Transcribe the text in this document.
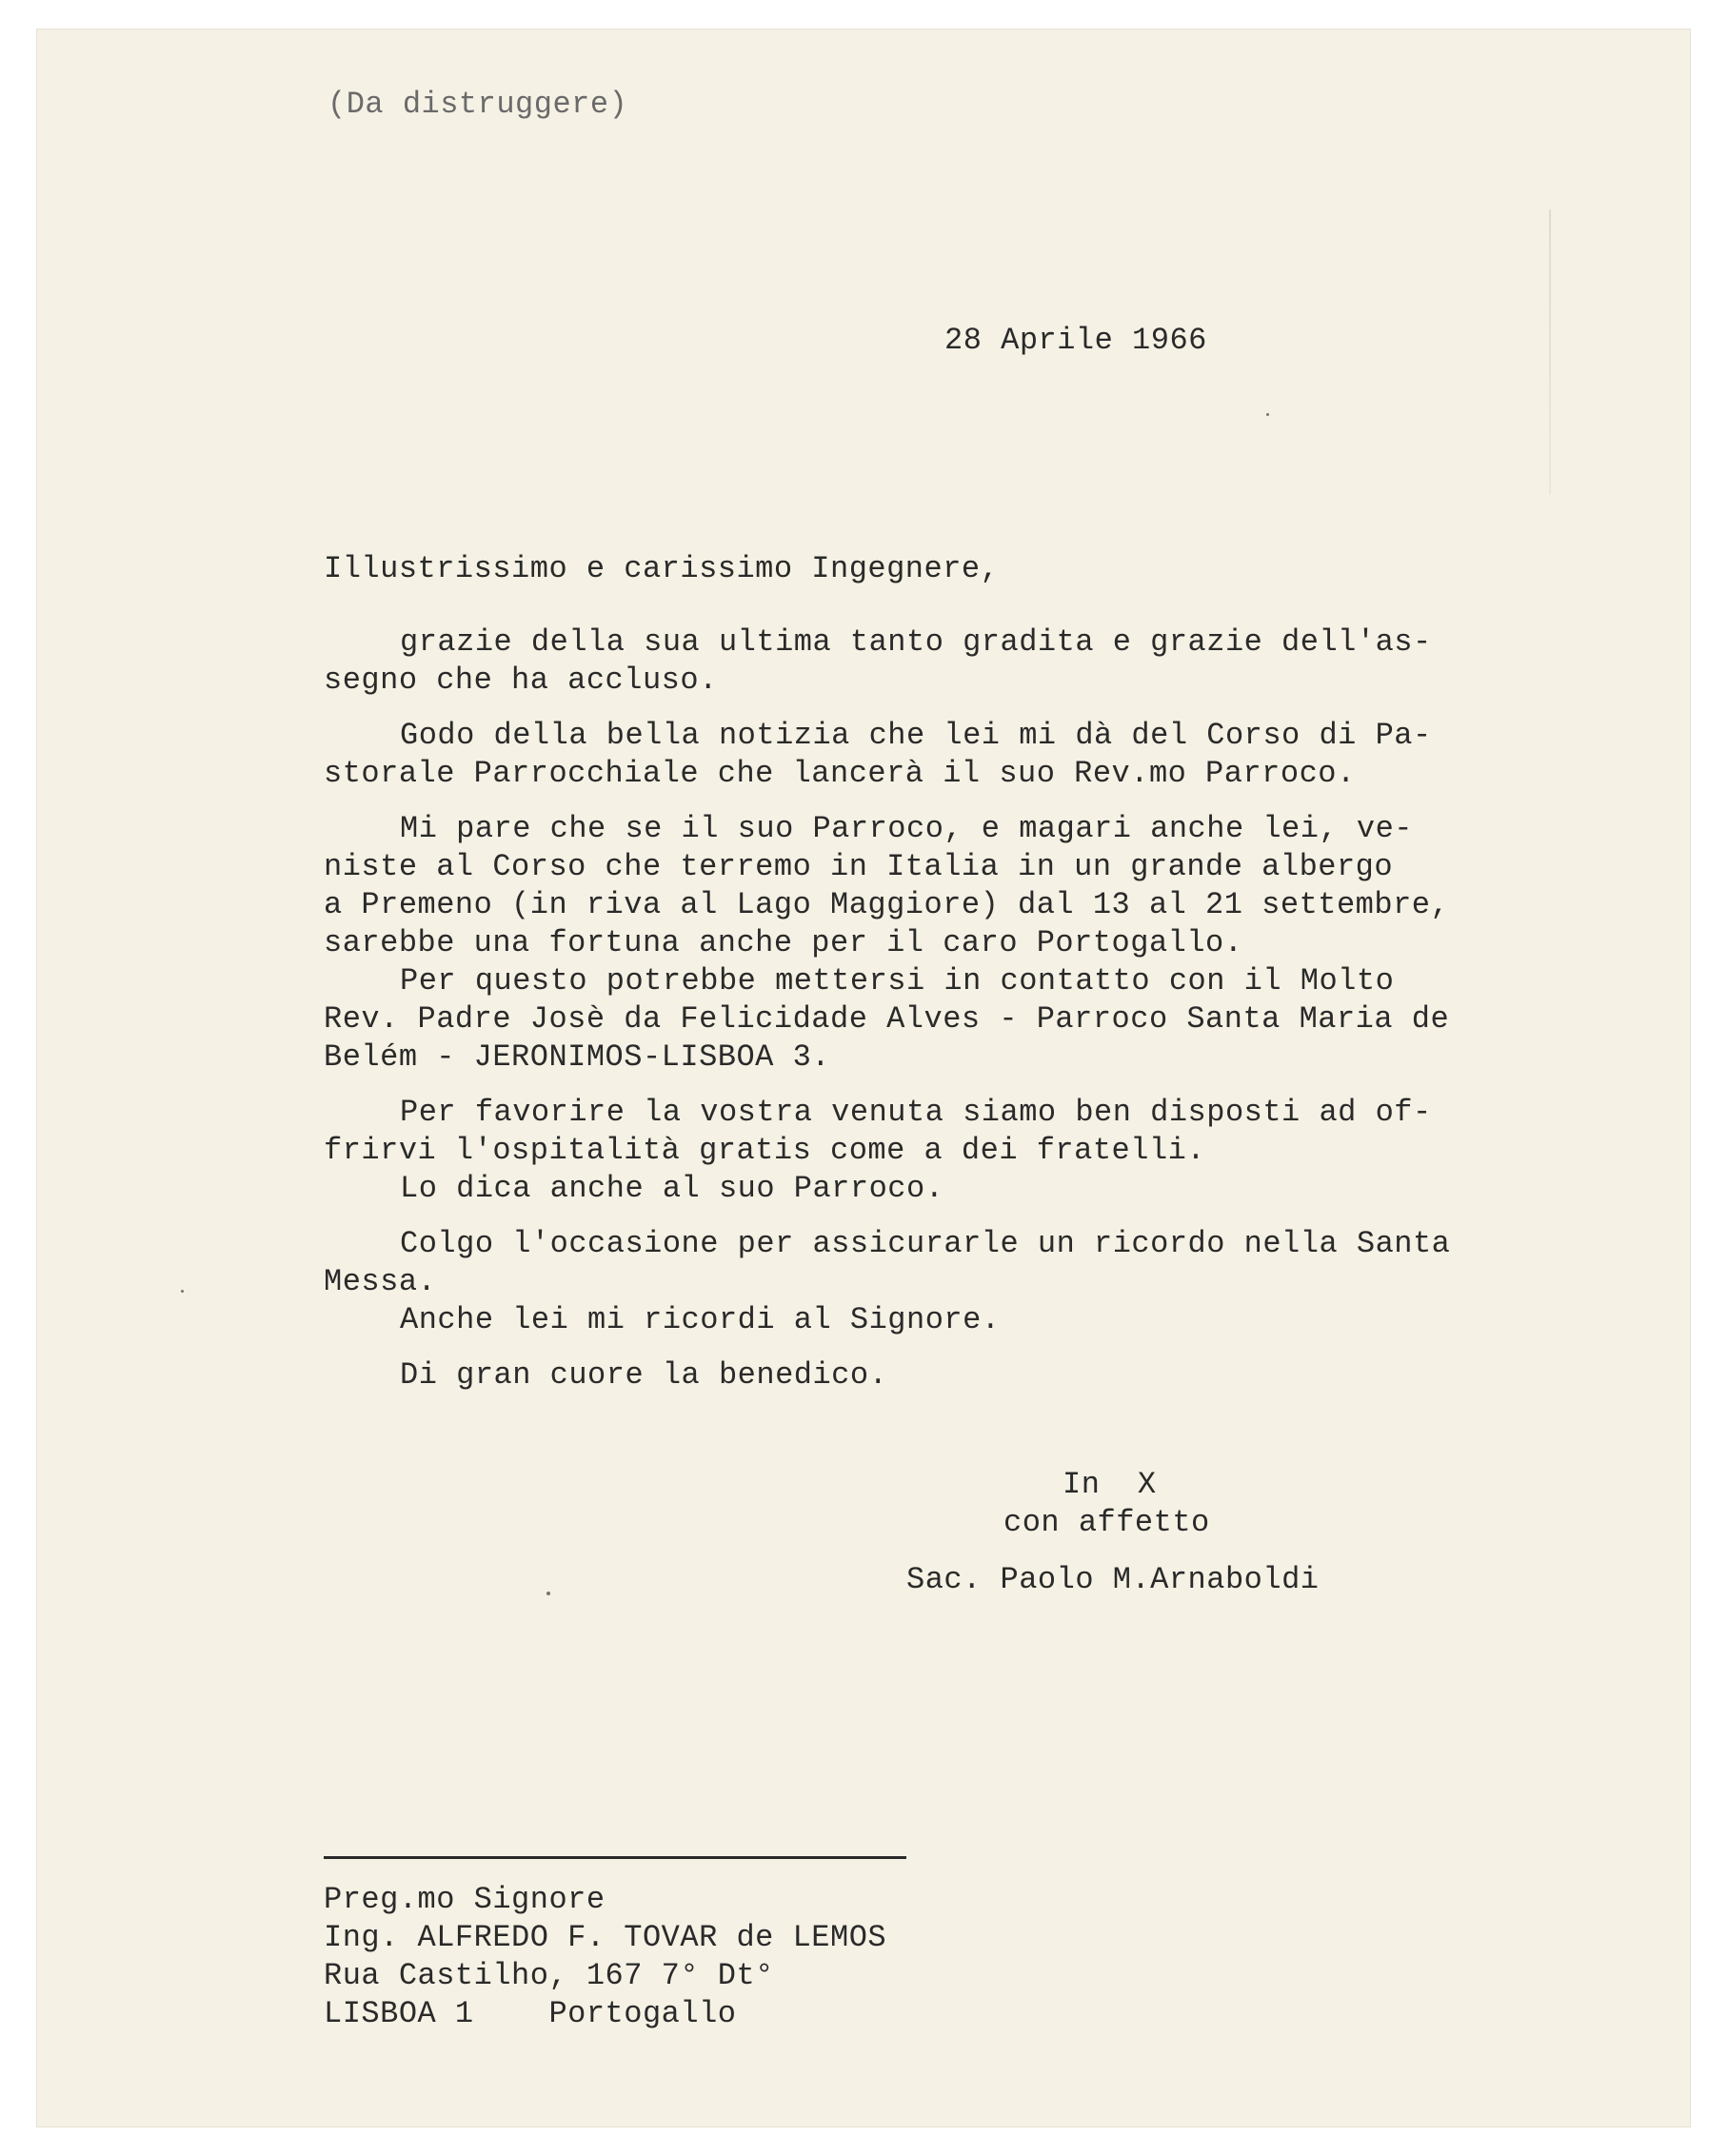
(Da distruggere)
28 Aprile 1966
Illustrissimo e carissimo Ingegnere,
grazie della sua ultima tanto gradita e grazie dell'as-
segno che ha accluso.
Godo della bella notizia che lei mi dà del Corso di Pa-
storale Parrocchiale che lancerà il suo Rev.mo Parroco.
Mi pare che se il suo Parroco, e magari anche lei, ve-
niste al Corso che terremo in Italia in un grande albergo
a Premeno (in riva al Lago Maggiore) dal 13 al 21 settembre,
sarebbe una fortuna anche per il caro Portogallo.
Per questo potrebbe mettersi in contatto con il Molto
Rev. Padre Josè da Felicidade Alves - Parroco Santa Maria de
Belém - JERONIMOS-LISBOA 3.
Per favorire la vostra venuta siamo ben disposti ad of-
frirvi l'ospitalità gratis come a dei fratelli.
Lo dica anche al suo Parroco.
Colgo l'occasione per assicurarle un ricordo nella Santa
Messa.
Anche lei mi ricordi al Signore.
Di gran cuore la benedico.
In  X
con affetto
Sac. Paolo M.Arnaboldi
Preg.mo Signore
Ing. ALFREDO F. TOVAR de LEMOS
Rua Castilho, 167 7° Dt°
LISBOA 1    Portogallo
